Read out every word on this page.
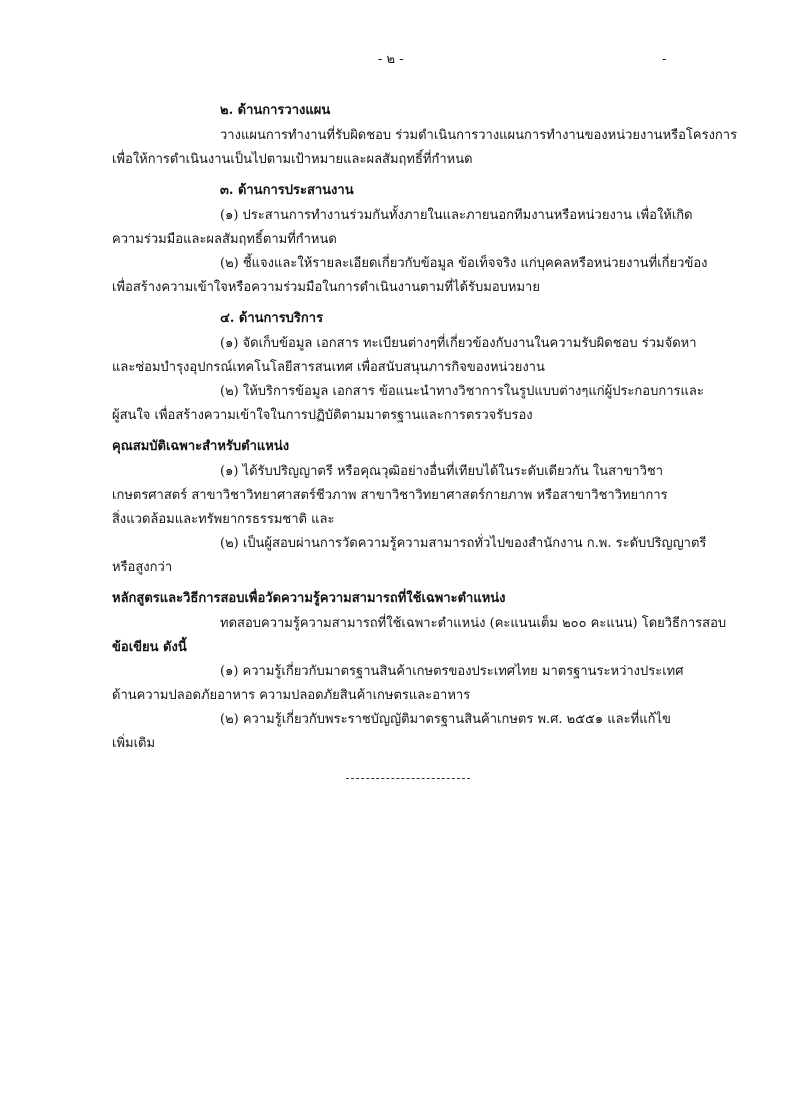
- ๒ -	-
๒. ด้านการวางแผน
วางแผนการทำงานที่รับผิดชอบ ร่วมดำเนินการวางแผนการทำงานของหน่วยงานหรือโครงการ
เพื่อให้การดำเนินงานเป็นไปตามเป้าหมายและผลสัมฤทธิ์ที่กำหนด
๓. ด้านการประสานงาน
(๑) ประสานการทำงานร่วมกันทั้งภายในและภายนอกทีมงานหรือหน่วยงาน เพื่อให้เกิด
ความร่วมมือและผลสัมฤทธิ์ตามที่กำหนด
(๒) ชี้แจงและให้รายละเอียดเกี่ยวกับข้อมูล ข้อเท็จจริง แก่บุคคลหรือหน่วยงานที่เกี่ยวข้อง
เพื่อสร้างความเข้าใจหรือความร่วมมือในการดำเนินงานตามที่ได้รับมอบหมาย
๔. ด้านการบริการ
(๑) จัดเก็บข้อมูล เอกสาร ทะเบียนต่างๆที่เกี่ยวข้องกับงานในความรับผิดชอบ ร่วมจัดหา
และซ่อมบำรุงอุปกรณ์เทคโนโลยีสารสนเทศ เพื่อสนับสนุนภารกิจของหน่วยงาน
(๒) ให้บริการข้อมูล เอกสาร ข้อแนะนำทางวิชาการในรูปแบบต่างๆแก่ผู้ประกอบการและ
ผู้สนใจ เพื่อสร้างความเข้าใจในการปฏิบัติตามมาตรฐานและการตรวจรับรอง
คุณสมบัติเฉพาะสำหรับตำแหน่ง
(๑) ได้รับปริญญาตรี หรือคุณวุฒิอย่างอื่นที่เทียบได้ในระดับเดียวกัน ในสาขาวิชา
เกษตรศาสตร์ สาขาวิชาวิทยาศาสตร์ชีวภาพ สาขาวิชาวิทยาศาสตร์กายภาพ หรือสาขาวิชาวิทยาการ
สิ่งแวดล้อมและทรัพยากรธรรมชาติ และ
(๒) เป็นผู้สอบผ่านการวัดความรู้ความสามารถทั่วไปของสำนักงาน ก.พ. ระดับปริญญาตรี
หรือสูงกว่า
หลักสูตรและวิธีการสอบเพื่อวัดความรู้ความสามารถที่ใช้เฉพาะตำแหน่ง
ทดสอบความรู้ความสามารถที่ใช้เฉพาะตำแหน่ง (คะแนนเต็ม ๒๐๐ คะแนน) โดยวิธีการสอบ
ข้อเขียน ดังนี้
(๑) ความรู้เกี่ยวกับมาตรฐานสินค้าเกษตรของประเทศไทย มาตรฐานระหว่างประเทศ
ด้านความปลอดภัยอาหาร ความปลอดภัยสินค้าเกษตรและอาหาร
(๒) ความรู้เกี่ยวกับพระราชบัญญัติมาตรฐานสินค้าเกษตร พ.ศ. ๒๕๕๑ และที่แก้ไข
เพิ่มเติม
